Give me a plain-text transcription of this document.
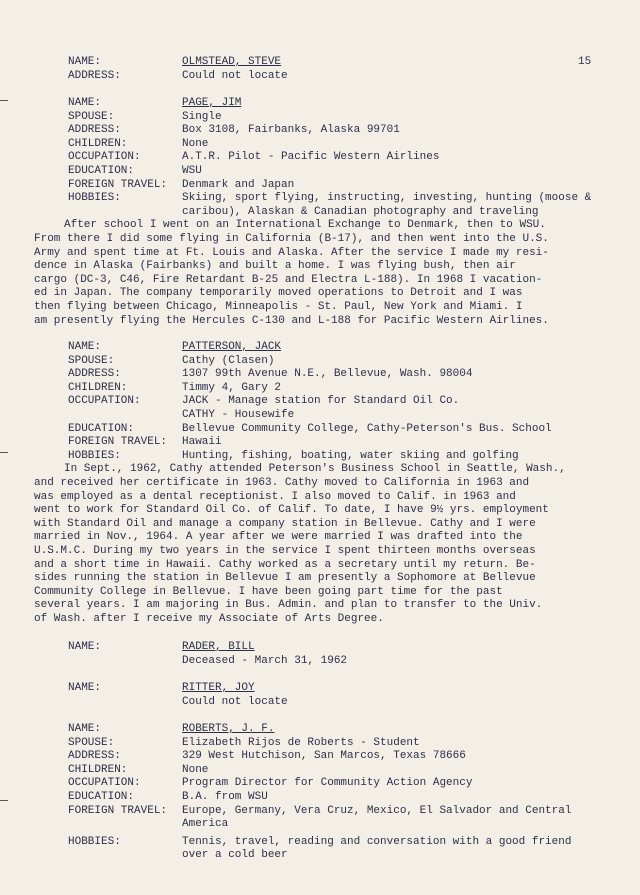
15
NAME:	OLMSTEAD, STEVE
ADDRESS:	Could not locate
NAME:	PAGE, JIM
SPOUSE:	Single
ADDRESS:	Box 3108, Fairbanks, Alaska 99701
CHILDREN:	None
OCCUPATION:	A.T.R. Pilot - Pacific Western Airlines
EDUCATION:	WSU
FOREIGN TRAVEL:	Denmark and Japan
HOBBIES:	Skiing, sport flying, instructing, investing, hunting (moose &
caribou), Alaskan & Canadian photography and traveling
After school I went on an International Exchange to Denmark, then to WSU.
From there I did some flying in California (B-17), and then went into the U.S.
Army and spent time at Ft. Louis and Alaska. After the service I made my resi-
dence in Alaska (Fairbanks) and built a home. I was flying bush, then air
cargo (DC-3, C46, Fire Retardant B-25 and Electra L-188). In 1968 I vacation-
ed in Japan. The company temporarily moved operations to Detroit and I was
then flying between Chicago, Minneapolis - St. Paul, New York and Miami. I
am presently flying the Hercules C-130 and L-188 for Pacific Western Airlines.
NAME:	PATTERSON, JACK
SPOUSE:	Cathy (Clasen)
ADDRESS:	1307 99th Avenue N.E., Bellevue, Wash. 98004
CHILDREN:	Timmy 4, Gary 2
OCCUPATION:	JACK - Manage station for Standard Oil Co.
CATHY - Housewife
EDUCATION:	Bellevue Community College, Cathy-Peterson's Bus. School
FOREIGN TRAVEL:	Hawaii
HOBBIES:	Hunting, fishing, boating, water skiing and golfing
In Sept., 1962, Cathy attended Peterson's Business School in Seattle, Wash.,
and received her certificate in 1963. Cathy moved to California in 1963 and
was employed as a dental receptionist. I also moved to Calif. in 1963 and
went to work for Standard Oil Co. of Calif. To date, I have 9½ yrs. employment
with Standard Oil and manage a company station in Bellevue. Cathy and I were
married in Nov., 1964. A year after we were married I was drafted into the
U.S.M.C. During my two years in the service I spent thirteen months overseas
and a short time in Hawaii. Cathy worked as a secretary until my return. Be-
sides running the station in Bellevue I am presently a Sophomore at Bellevue
Community College in Bellevue. I have been going part time for the past
several years. I am majoring in Bus. Admin. and plan to transfer to the Univ.
of Wash. after I receive my Associate of Arts Degree.
NAME:	RADER, BILL
Deceased - March 31, 1962
NAME:	RITTER, JOY
Could not locate
NAME:	ROBERTS, J. F.
SPOUSE:	Elizabeth Rijos de Roberts - Student
ADDRESS:	329 West Hutchison, San Marcos, Texas 78666
CHILDREN:	None
OCCUPATION:	Program Director for Community Action Agency
EDUCATION:	B.A. from WSU
FOREIGN TRAVEL:	Europe, Germany, Vera Cruz, Mexico, El Salvador and Central
America
HOBBIES:	Tennis, travel, reading and conversation with a good friend
over a cold beer
